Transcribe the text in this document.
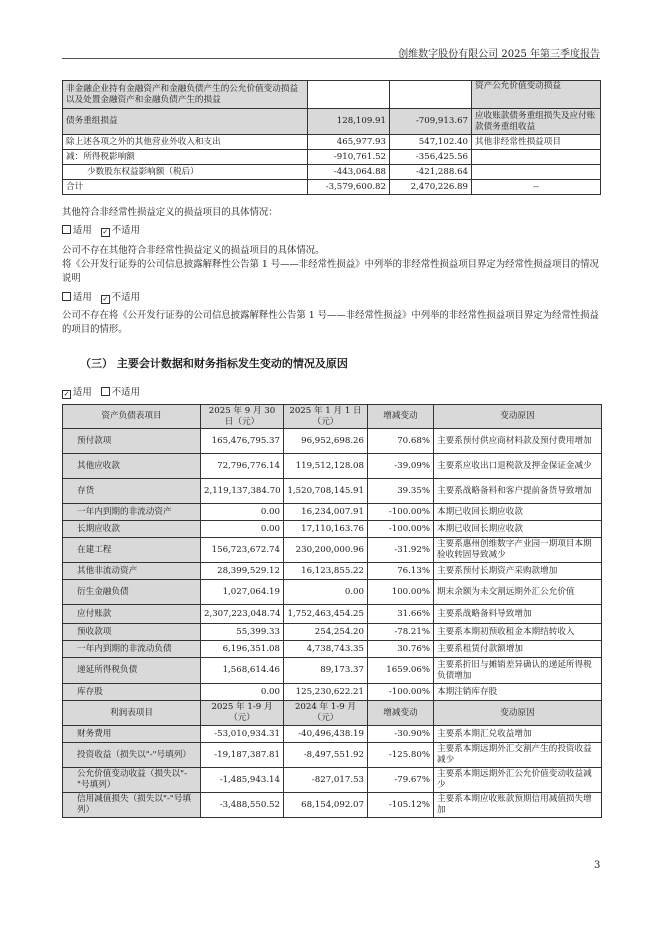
创维数字股份有限公司 2025 年第三季度报告
非金融企业持有金融资产和金融负债产生的公允价值变动损益以及处置金融资产和金融负债产生的损益			资产公允价值变动损益
债务重组损益	128,109.91	-709,913.67	应收账款债务重组损失及应付账款债务重组收益
除上述各项之外的其他营业外收入和支出	465,977.93	547,102.40	其他非经常性损益项目
减：所得税影响额	-910,761.52	-356,425.56	
少数股东权益影响额（税后）	-443,064.88	-421,288.64	
合计	-3,579,600.82	2,470,226.89	--
其他符合非经常性损益定义的损益项目的具体情况：
适用 ✓ 不适用
公司不存在其他符合非经常性损益定义的损益项目的具体情况。
将《公开发行证券的公司信息披露解释性公告第 1 号——非经常性损益》中列举的非经常性损益项目界定为经常性损益项目的情况说明
适用 ✓ 不适用
公司不存在将《公开发行证券的公司信息披露解释性公告第 1 号——非经常性损益》中列举的非经常性损益项目界定为经常性损益的项目的情形。
（三） 主要会计数据和财务指标发生变动的情况及原因
✓ 适用 不适用
资产负债表项目	2025 年 9 月 30 日（元）	2025 年 1 月 1 日（元）	增减变动	变动原因
预付款项	165,476,795.37	96,952,698.26	70.68%	主要系预付供应商材料款及预付费用增加
其他应收款	72,796,776.14	119,512,128.08	-39.09%	主要系应收出口退税款及押金保证金减少
存货	2,119,137,384.70	1,520,708,145.91	39.35%	主要系战略备料和客户提前备货导致增加
一年内到期的非流动资产	0.00	16,234,007.91	-100.00%	本期已收回长期应收款
长期应收款	0.00	17,110,163.76	-100.00%	本期已收回长期应收款
在建工程	156,723,672.74	230,200,000.96	-31.92%	主要系惠州创维数字产业园一期项目本期验收转固导致减少
其他非流动资产	28,399,529.12	16,123,855.22	76.13%	主要系预付长期资产采购款增加
衍生金融负债	1,027,064.19	0.00	100.00%	期末余额为未交割远期外汇公允价值
应付账款	2,307,223,048.74	1,752,463,454.25	31.66%	主要系战略备料导致增加
预收款项	55,399.33	254,254.20	-78.21%	主要系本期初预收租金本期结转收入
一年内到期的非流动负债	6,196,351.08	4,738,743.35	30.76%	主要系租赁付款额增加
递延所得税负债	1,568,614.46	89,173.37	1659.06%	主要系折旧与摊销差异确认的递延所得税负债增加
库存股	0.00	125,230,622.21	-100.00%	本期注销库存股
利润表项目	2025 年 1-9 月（元）	2024 年 1-9 月（元）	增减变动	变动原因
财务费用	-53,010,934.31	-40,496,438.19	-30.90%	主要系本期汇兑收益增加
投资收益（损失以"-"号填列）	-19,187,387.81	-8,497,551.92	-125.80%	主要系本期远期外汇交割产生的投资收益减少
公允价值变动收益（损失以"-"号填列）	-1,485,943.14	-827,017.53	-79.67%	主要系本期远期外汇公允价值变动收益减少
信用减值损失（损失以"-"号填列）	-3,488,550.52	68,154,092.07	-105.12%	主要系本期应收账款预期信用减值损失增加
3
